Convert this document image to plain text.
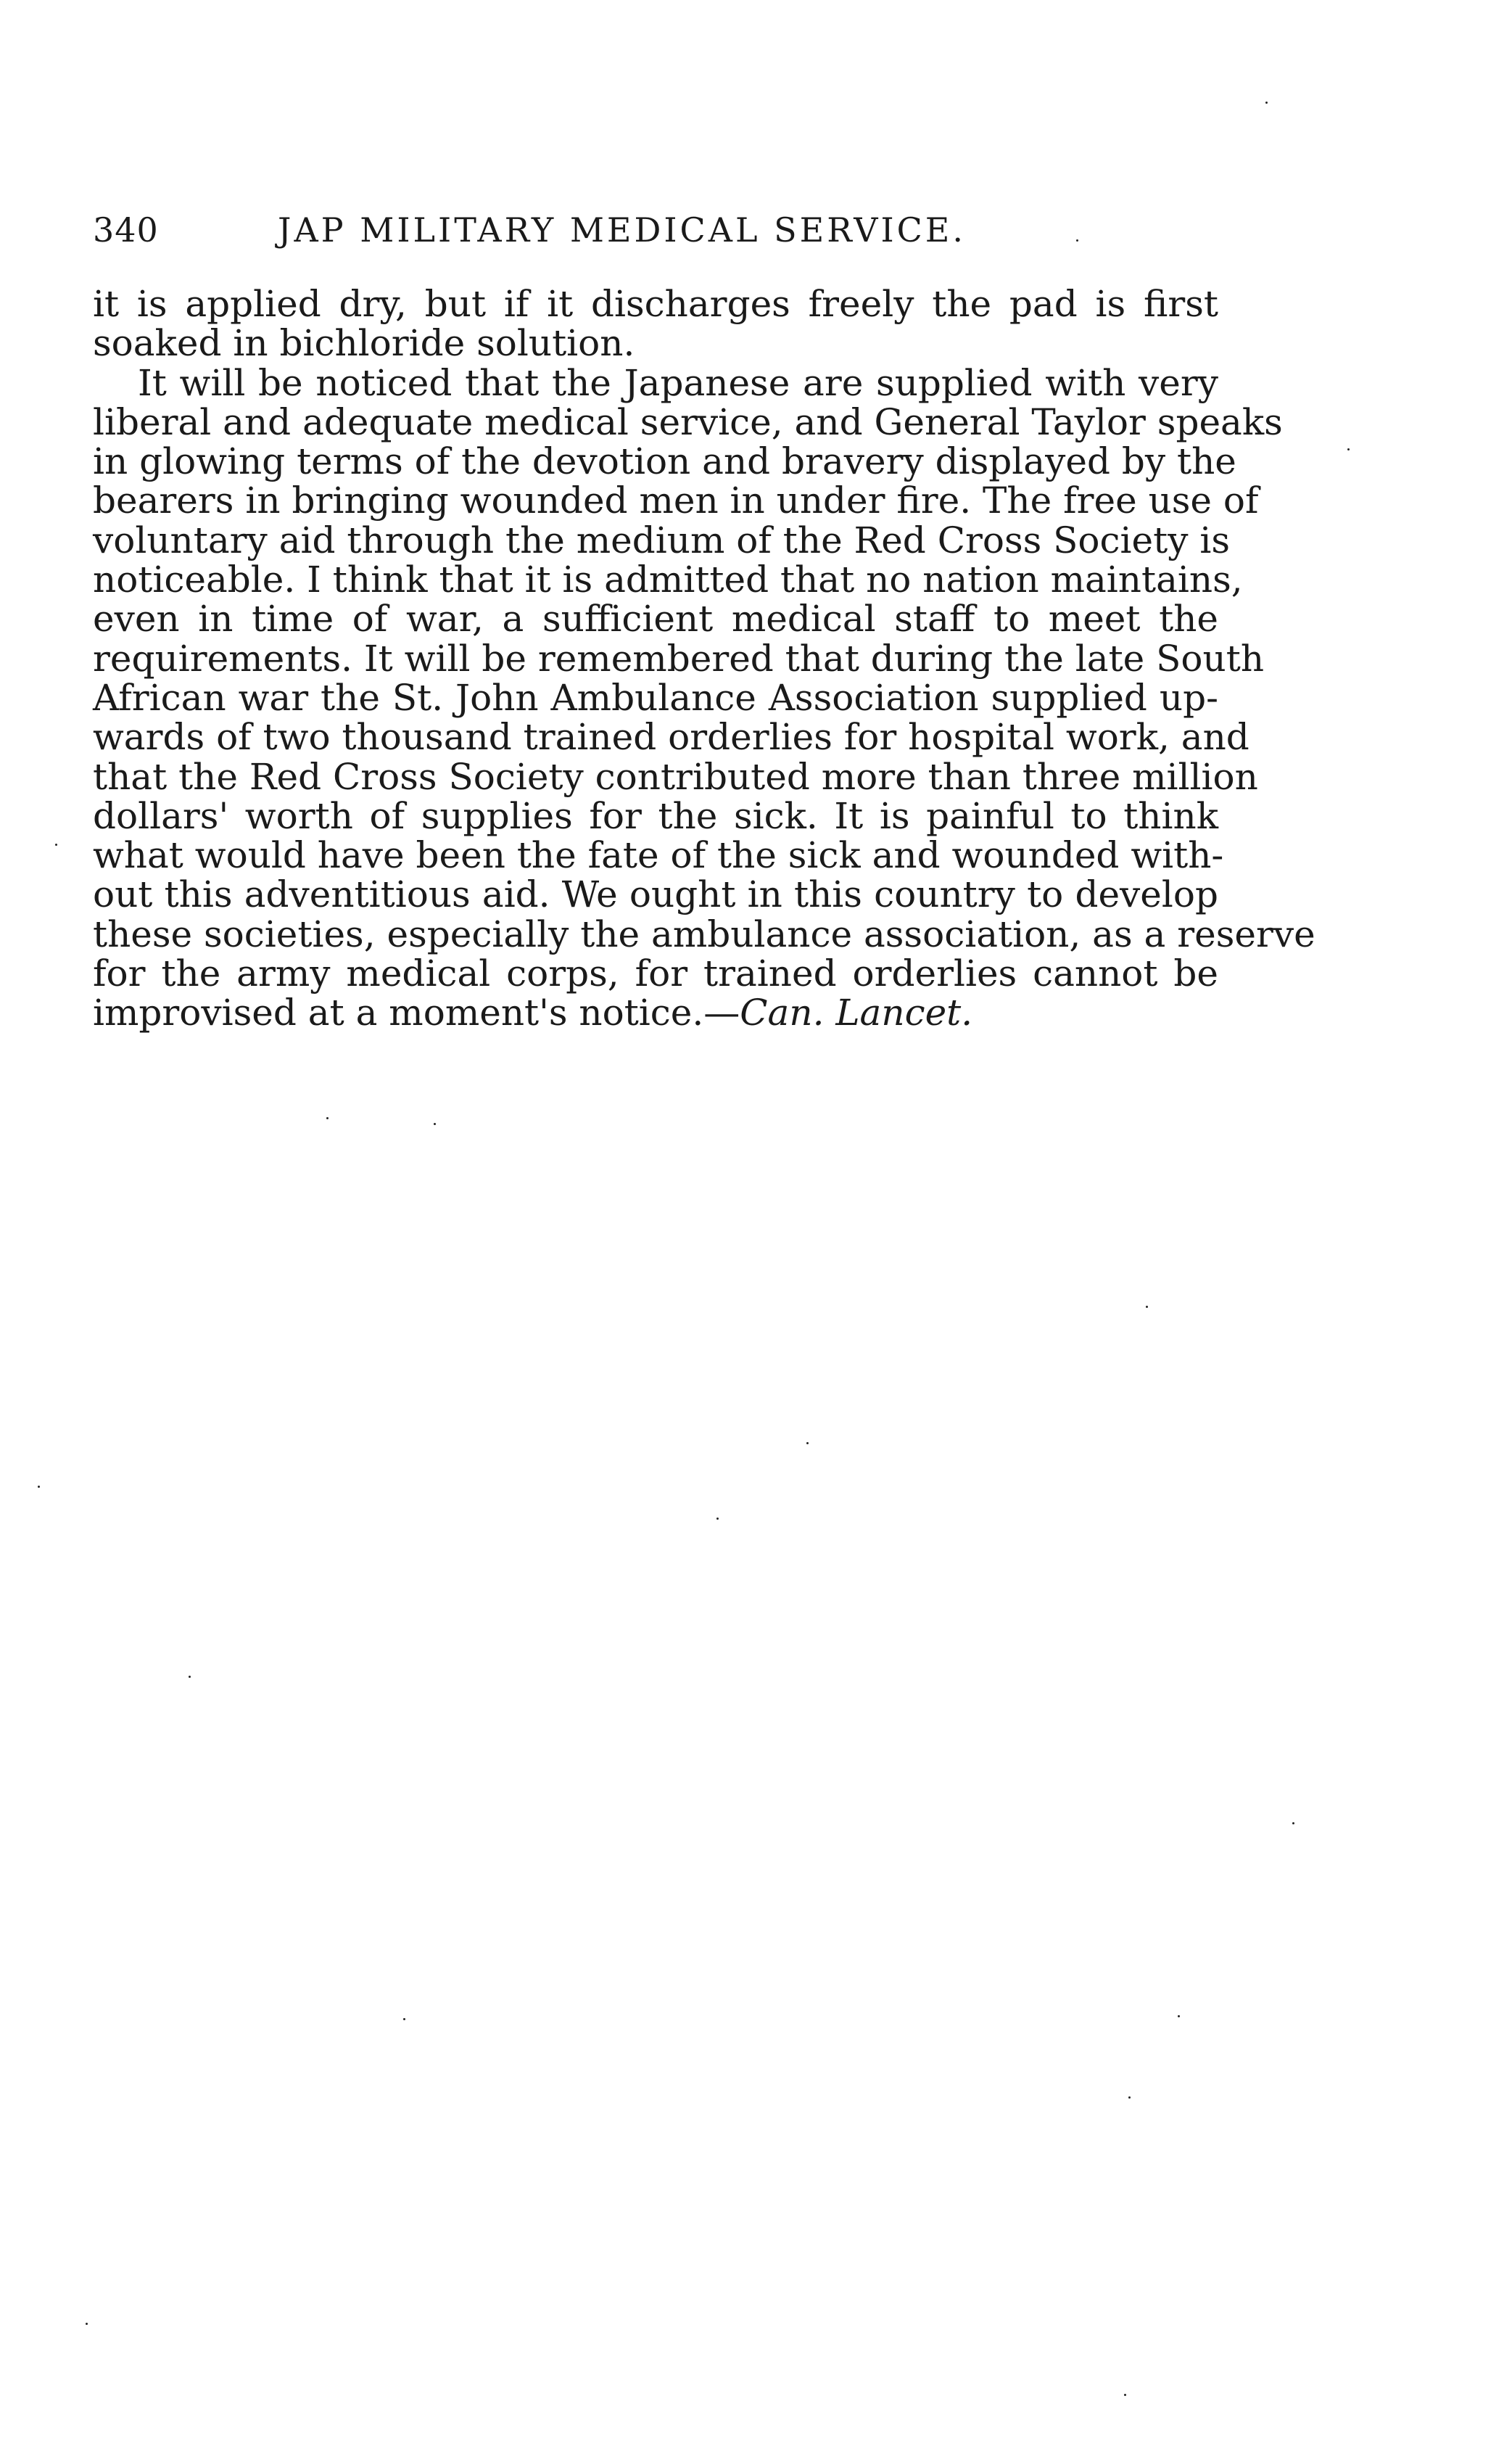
340	JAP MILITARY MEDICAL SERVICE.
it is applied dry, but if it discharges freely the pad is first
soaked in bichloride solution.
It will be noticed that the Japanese are supplied with very
liberal and adequate medical service, and General Taylor speaks
in glowing terms of the devotion and bravery displayed by the
bearers in bringing wounded men in under fire. The free use of
voluntary aid through the medium of the Red Cross Society is
noticeable. I think that it is admitted that no nation maintains,
even in time of war, a sufficient medical staff to meet the
requirements. It will be remembered that during the late South
African war the St. John Ambulance Association supplied up-
wards of two thousand trained orderlies for hospital work, and
that the Red Cross Society contributed more than three million
dollars' worth of supplies for the sick. It is painful to think
what would have been the fate of the sick and wounded with-
out this adventitious aid. We ought in this country to develop
these societies, especially the ambulance association, as a reserve
for the army medical corps, for trained orderlies cannot be
improvised at a moment's notice.—Can. Lancet.
